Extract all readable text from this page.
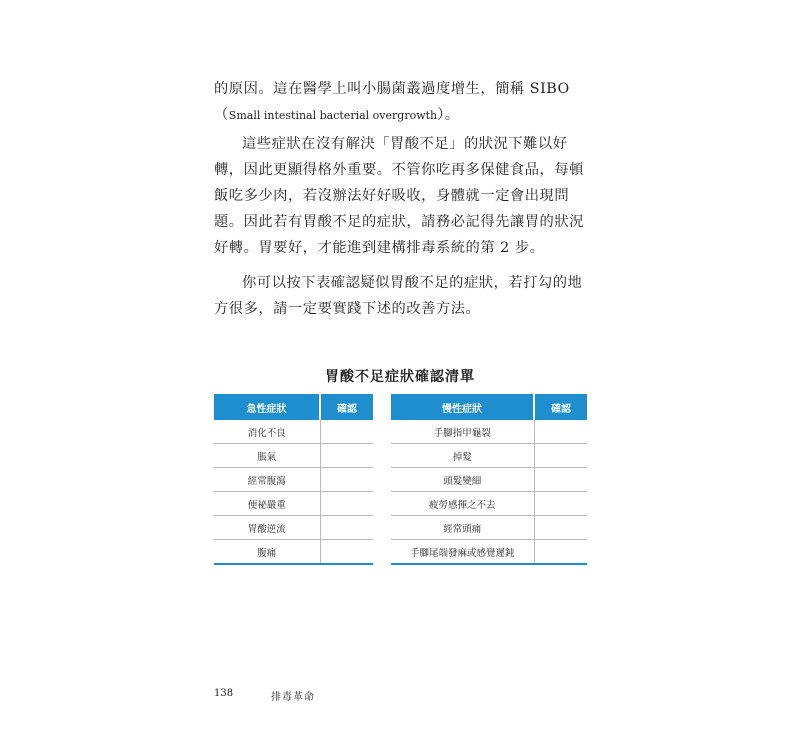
的原因。這在醫學上叫小腸菌叢過度增生，簡稱 SIBO（Small intestinal bacterial overgrowth）。

這些症狀在沒有解決「胃酸不足」的狀況下難以好轉，因此更顯得格外重要。不管你吃再多保健食品，每頓飯吃多少肉，若沒辦法好好吸收，身體就一定會出現問題。因此若有胃酸不足的症狀，請務必記得先讓胃的狀況好轉。胃要好，才能進到建構排毒系統的第 2 步。

你可以按下表確認疑似胃酸不足的症狀，若打勾的地方很多，請一定要實踐下述的改善方法。

胃酸不足症狀確認清單
急性症狀	確認
消化不良	
脹氣	
經常腹瀉	
便祕嚴重	
胃酸逆流	
腹痛	
慢性症狀	確認
手腳指甲龜裂	
掉髮	
頭髮變細	
疲勞感揮之不去	
經常頭痛	
手腳尾端發麻或感覺遲鈍	
138	排毒革命
